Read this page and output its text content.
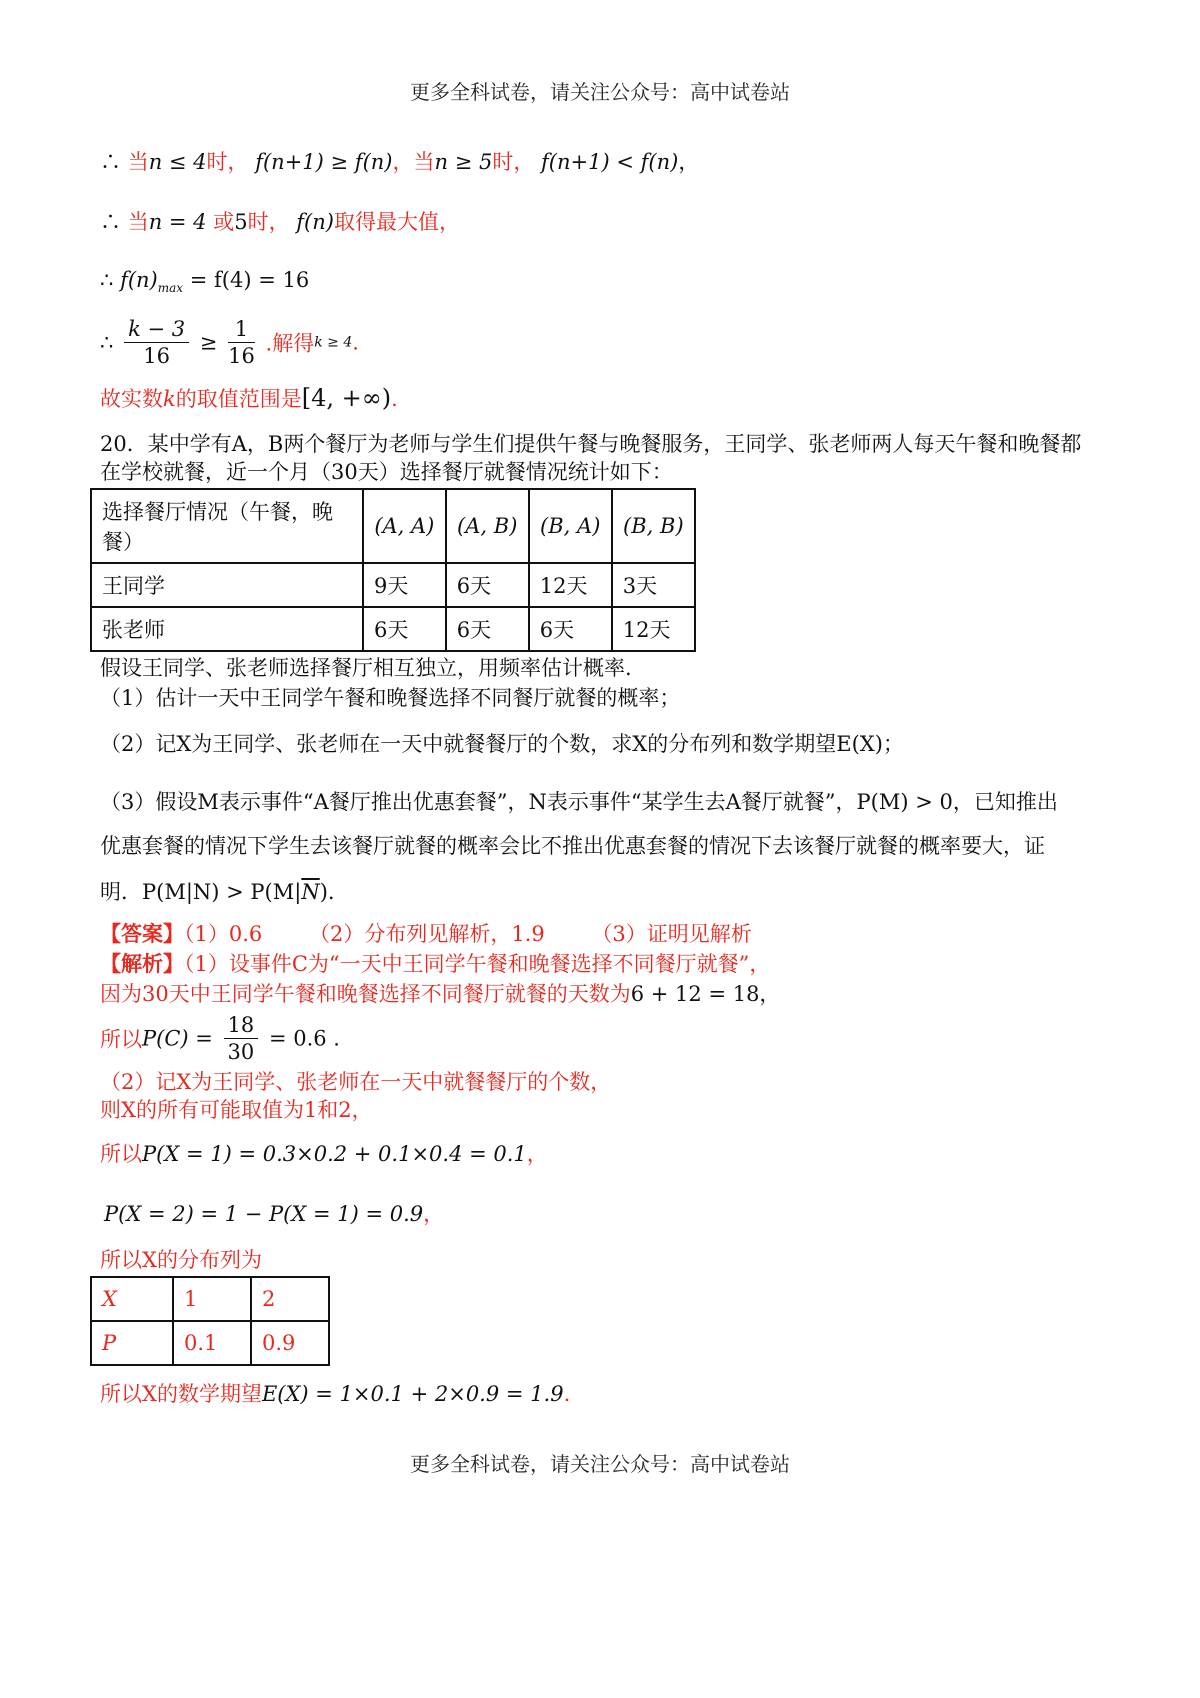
更多全科试卷，请关注公众号：高中试卷站
∴ 当n ≤ 4时， f(n+1) ≥ f(n)，当n ≥ 5时， f(n+1) < f(n)，
∴ 当n = 4 或5时， f(n)取得最大值，
∴ $f(n)_{max} = f(4) = 16$
∴ $\frac{k - 3}{16} \ge \frac{1}{16}$ .解得k ≥ 4.
故实数k的取值范围是[4, +∞).
20．某中学有A，B两个餐厅为老师与学生们提供午餐与晚餐服务，王同学、张老师两人每天午餐和晚餐都
在学校就餐，近一个月（30天）选择餐厅就餐情况统计如下：
选择餐厅情况（午餐，晚餐）	(A, A)	(A, B)	(B, A)	(B, B)
王同学	9天	6天	12天	3天
张老师	6天	6天	6天	12天
假设王同学、张老师选择餐厅相互独立，用频率估计概率.
（1）估计一天中王同学午餐和晚餐选择不同餐厅就餐的概率；
（2）记X为王同学、张老师在一天中就餐餐厅的个数，求X的分布列和数学期望E(X)；
（3）假设M表示事件“A餐厅推出优惠套餐”，N表示事件“某学生去A餐厅就餐”，P(M) > 0，已知推出
优惠套餐的情况下学生去该餐厅就餐的概率会比不推出优惠套餐的情况下去该餐厅就餐的概率要大，证
明．$P(M|N) > P(M|\overline{N})$.
【答案】（1）0.6 （2）分布列见解析，1.9 （3）证明见解析
【解析】（1）设事件C为“一天中王同学午餐和晚餐选择不同餐厅就餐”，
因为30天中王同学午餐和晚餐选择不同餐厅就餐的天数为6 + 12 = 18，
所以$P(C) = \frac{18}{30} = 0.6$ .
（2）记X为王同学、张老师在一天中就餐餐厅的个数，
则X的所有可能取值为1和2，
所以P(X = 1) = 0.3×0.2 + 0.1×0.4 = 0.1，
P(X = 2) = 1 − P(X = 1) = 0.9，
所以X的分布列为
X	1	2
P	0.1	0.9
所以X的数学期望E(X) = 1×0.1 + 2×0.9 = 1.9.
更多全科试卷，请关注公众号：高中试卷站
